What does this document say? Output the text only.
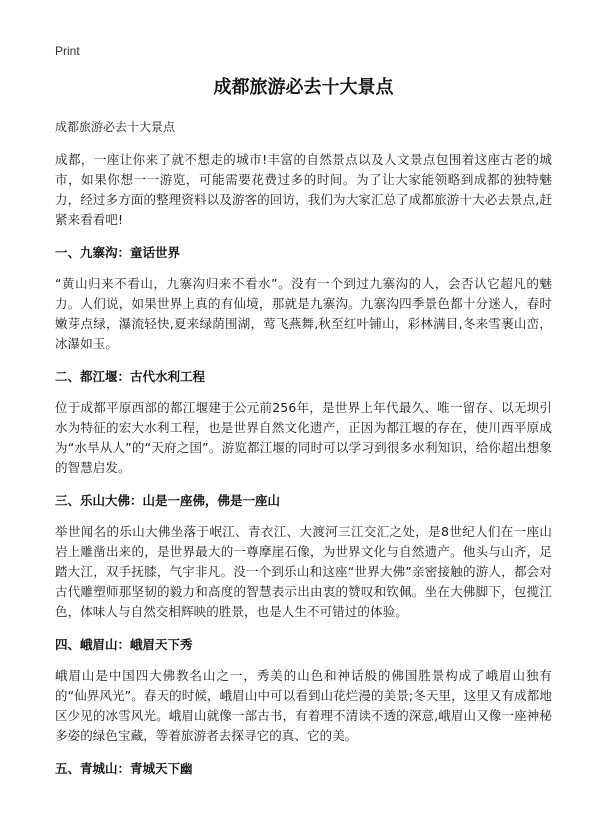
Print
成都旅游必去十大景点
成都旅游必去十大景点

成都，一座让你来了就不想走的城市!丰富的自然景点以及人文景点包围着这座古老的城市，如果你想一一游览，可能需要花费过多的时间。为了让大家能领略到成都的独特魅力，经过多方面的整理资料以及游客的回访，我们为大家汇总了成都旅游十大必去景点,赶紧来看看吧!

一、九寨沟：童话世界

“黄山归来不看山，九寨沟归来不看水”。没有一个到过九寨沟的人，会否认它超凡的魅力。人们说，如果世界上真的有仙境，那就是九寨沟。九寨沟四季景色都十分迷人，春时嫩芽点绿，瀑流轻快,夏来绿荫围湖，莺飞燕舞,秋至红叶铺山，彩林满目,冬来雪裹山峦，冰瀑如玉。

二、都江堰：古代水利工程

位于成都平原西部的都江堰建于公元前256年，是世界上年代最久、唯一留存、以无坝引水为特征的宏大水利工程，也是世界自然文化遗产，正因为都江堰的存在，使川西平原成为“水旱从人”的“天府之国”。游览都江堰的同时可以学习到很多水利知识，给你超出想象的智慧启发。

三、乐山大佛：山是一座佛，佛是一座山

举世闻名的乐山大佛坐落于岷江、青衣江、大渡河三江交汇之处，是8世纪人们在一座山岩上雕凿出来的，是世界最大的一尊摩崖石像，为世界文化与自然遗产。他头与山齐，足踏大江，双手抚膝，气宇非凡。没一个到乐山和这座“世界大佛”亲密接触的游人，都会对古代雕塑师那坚韧的毅力和高度的智慧表示出由衷的赞叹和钦佩。坐在大佛脚下，包揽江色，体味人与自然交相辉映的胜景，也是人生不可错过的体验。

四、峨眉山：峨眉天下秀

峨眉山是中国四大佛教名山之一，秀美的山色和神话般的佛国胜景构成了峨眉山独有的“仙界风光”。春天的时候，峨眉山中可以看到山花烂漫的美景;冬天里，这里又有成都地区少见的冰雪风光。峨眉山就像一部古书，有着理不清读不透的深意,峨眉山又像一座神秘多姿的绿色宝藏，等着旅游者去探寻它的真、它的美。

五、青城山：青城天下幽
